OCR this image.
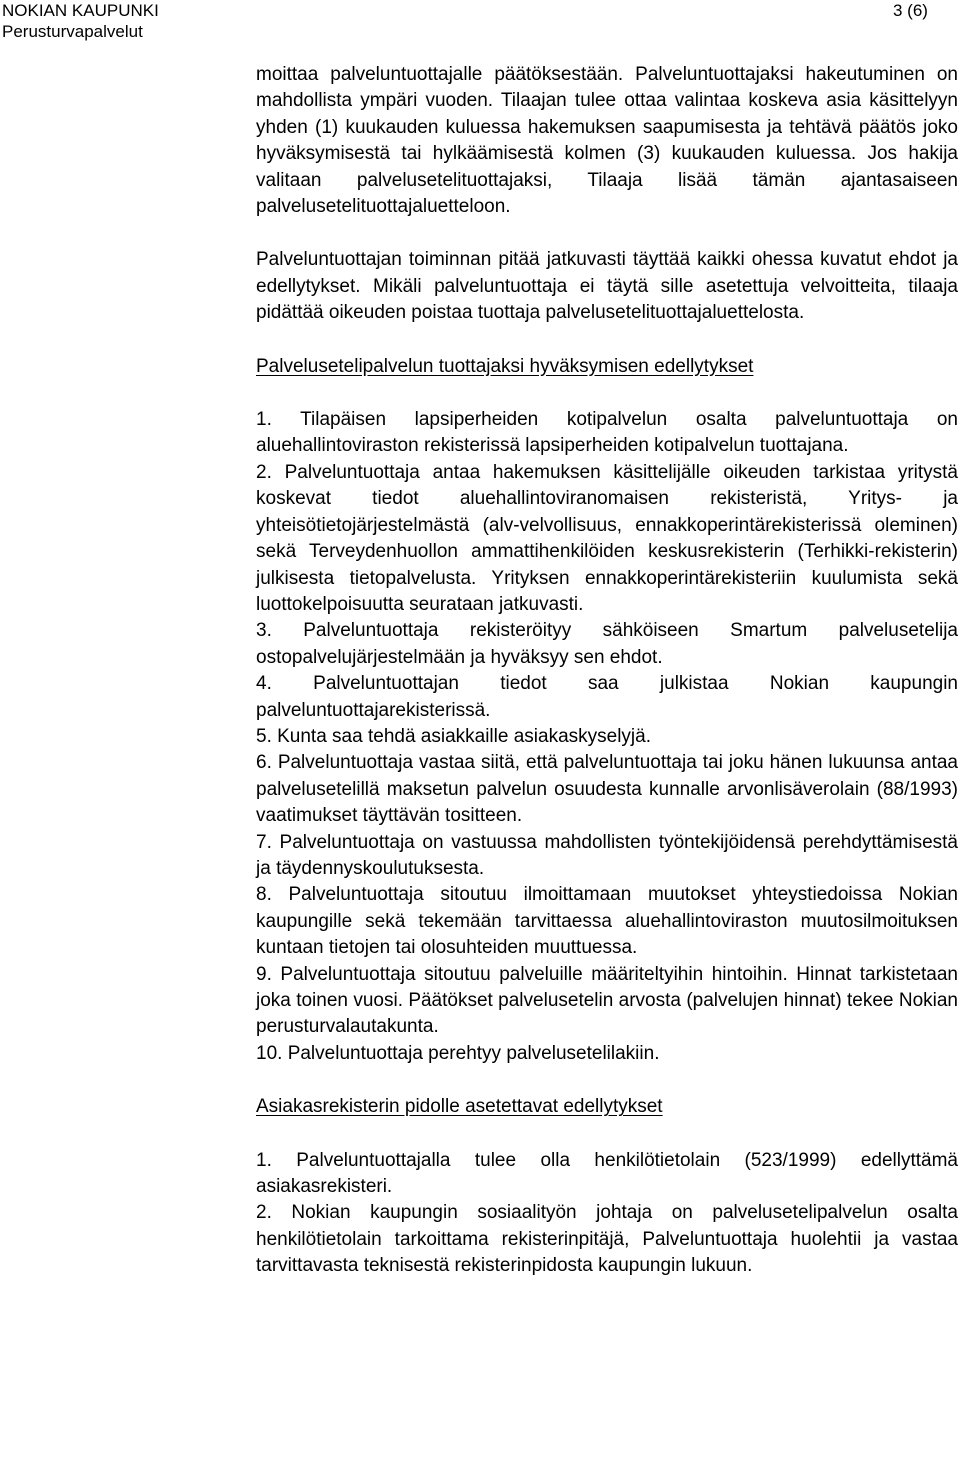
NOKIAN KAUPUNKI
Perusturvapalvelut
3 (6)

moittaa palveluntuottajalle päätöksestään. Palveluntuottajaksi hakeutuminen on mahdollista ympäri vuoden. Tilaajan tulee ottaa valintaa koskeva asia käsittelyyn yhden (1) kuukauden kuluessa hakemuksen saapumisesta ja tehtävä päätös joko hyväksymisestä tai hylkäämisestä kolmen (3) kuukauden kuluessa. Jos hakija valitaan palvelusetelituottajaksi, Tilaaja lisää tämän ajantasaiseen palvelusetelituottajaluetteloon.

Palveluntuottajan toiminnan pitää jatkuvasti täyttää kaikki ohessa kuvatut ehdot ja edellytykset. Mikäli palveluntuottaja ei täytä sille asetettuja velvoitteita, tilaaja pidättää oikeuden poistaa tuottaja palvelusetelituottajaluettelosta.

Palvelusetelipalvelun tuottajaksi hyväksymisen edellytykset

1. Tilapäisen lapsiperheiden kotipalvelun osalta palveluntuottaja on aluehallintoviraston rekisterissä lapsiperheiden kotipalvelun tuottajana.

2. Palveluntuottaja antaa hakemuksen käsittelijälle oikeuden tarkistaa yritystä koskevat tiedot aluehallintoviranomaisen rekisteristä, Yritys- ja yhteisötietojärjestelmästä (alv-velvollisuus, ennakkoperintärekisterissä oleminen) sekä Terveydenhuollon ammattihenkilöiden keskusrekisterin (Terhikki-rekisterin) julkisesta tietopalvelusta. Yrityksen ennakkoperintärekisteriin kuulumista sekä luottokelpoisuutta seurataan jatkuvasti.

3. Palveluntuottaja rekisteröityy sähköiseen Smartum palvelusetelija ostopalvelujärjestelmään ja hyväksyy sen ehdot.

4. Palveluntuottajan tiedot saa julkistaa Nokian kaupungin palveluntuottajarekisterissä.

5. Kunta saa tehdä asiakkaille asiakaskyselyjä.

6. Palveluntuottaja vastaa siitä, että palveluntuottaja tai joku hänen lukuunsa antaa palvelusetelillä maksetun palvelun osuudesta kunnalle arvonlisäverolain (88/1993) vaatimukset täyttävän tositteen.

7. Palveluntuottaja on vastuussa mahdollisten työntekijöidensä perehdyttämisestä ja täydennyskoulutuksesta.

8. Palveluntuottaja sitoutuu ilmoittamaan muutokset yhteystiedoissa Nokian kaupungille sekä tekemään tarvittaessa aluehallintoviraston muutosilmoituksen kuntaan tietojen tai olosuhteiden muuttuessa.

9. Palveluntuottaja sitoutuu palveluille määriteltyihin hintoihin. Hinnat tarkistetaan joka toinen vuosi. Päätökset palvelusetelin arvosta (palvelujen hinnat) tekee Nokian perusturvalautakunta.

10. Palveluntuottaja perehtyy palvelusetelilakiin.

Asiakasrekisterin pidolle asetettavat edellytykset

1. Palveluntuottajalla tulee olla henkilötietolain (523/1999) edellyttämä asiakasrekisteri.

2. Nokian kaupungin sosiaalityön johtaja on palvelusetelipalvelun osalta henkilötietolain tarkoittama rekisterinpitäjä, Palveluntuottaja huolehtii ja vastaa tarvittavasta teknisestä rekisterinpidosta kaupungin lukuun.
